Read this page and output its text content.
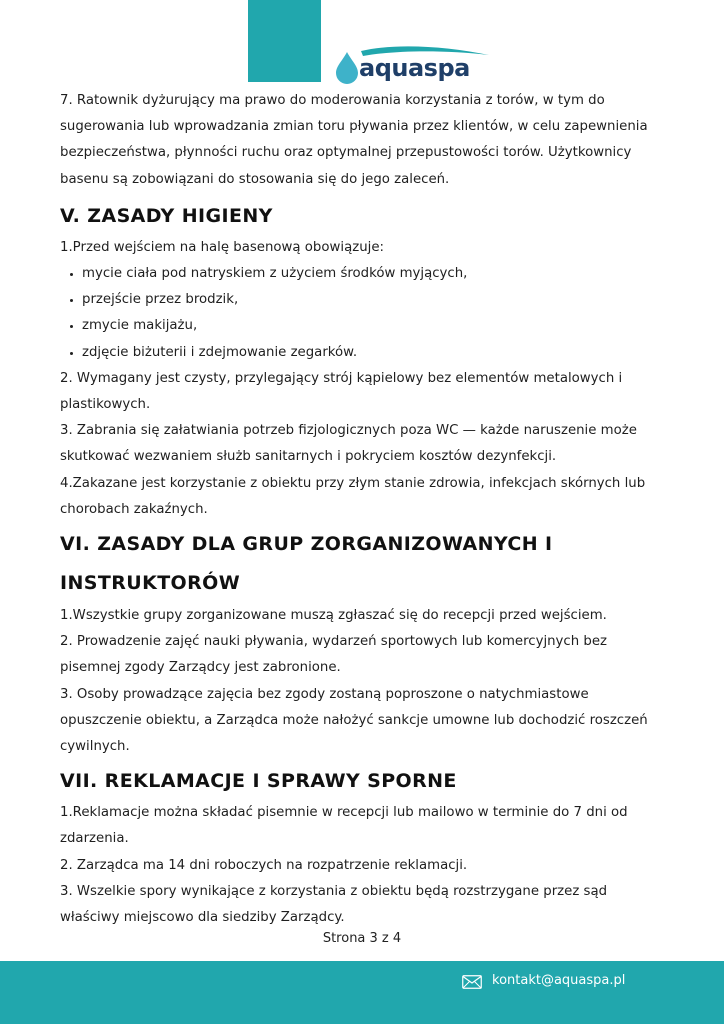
aquaspa

7. Ratownik dyżurujący ma prawo do moderowania korzystania z torów, w tym do sugerowania lub wprowadzania zmian toru pływania przez klientów, w celu zapewnienia bezpieczeństwa, płynności ruchu oraz optymalnej przepustowości torów. Użytkownicy basenu są zobowiązani do stosowania się do jego zaleceń.

V. ZASADY HIGIENY

1.Przed wejściem na halę basenową obowiązuje:

mycie ciała pod natryskiem z użyciem środków myjących,
przejście przez brodzik,
zmycie makijażu,
zdjęcie biżuterii i zdejmowanie zegarków.

2. Wymagany jest czysty, przylegający strój kąpielowy bez elementów metalowych i plastikowych.

3. Zabrania się załatwiania potrzeb fizjologicznych poza WC — każde naruszenie może skutkować wezwaniem służb sanitarnych i pokryciem kosztów dezynfekcji.

4.Zakazane jest korzystanie z obiektu przy złym stanie zdrowia, infekcjach skórnych lub chorobach zakaźnych.

VI. ZASADY DLA GRUP ZORGANIZOWANYCH I INSTRUKTORÓW

1.Wszystkie grupy zorganizowane muszą zgłaszać się do recepcji przed wejściem.

2. Prowadzenie zajęć nauki pływania, wydarzeń sportowych lub komercyjnych bez pisemnej zgody Zarządcy jest zabronione.

3. Osoby prowadzące zajęcia bez zgody zostaną poproszone o natychmiastowe opuszczenie obiektu, a Zarządca może nałożyć sankcje umowne lub dochodzić roszczeń cywilnych.

VII. REKLAMACJE I SPRAWY SPORNE

1.Reklamacje można składać pisemnie w recepcji lub mailowo w terminie do 7 dni od zdarzenia.

2. Zarządca ma 14 dni roboczych na rozpatrzenie reklamacji.

3. Wszelkie spory wynikające z korzystania z obiektu będą rozstrzygane przez sąd właściwy miejscowo dla siedziby Zarządcy.

Strona 3 z 4
kontakt@aquaspa.pl
